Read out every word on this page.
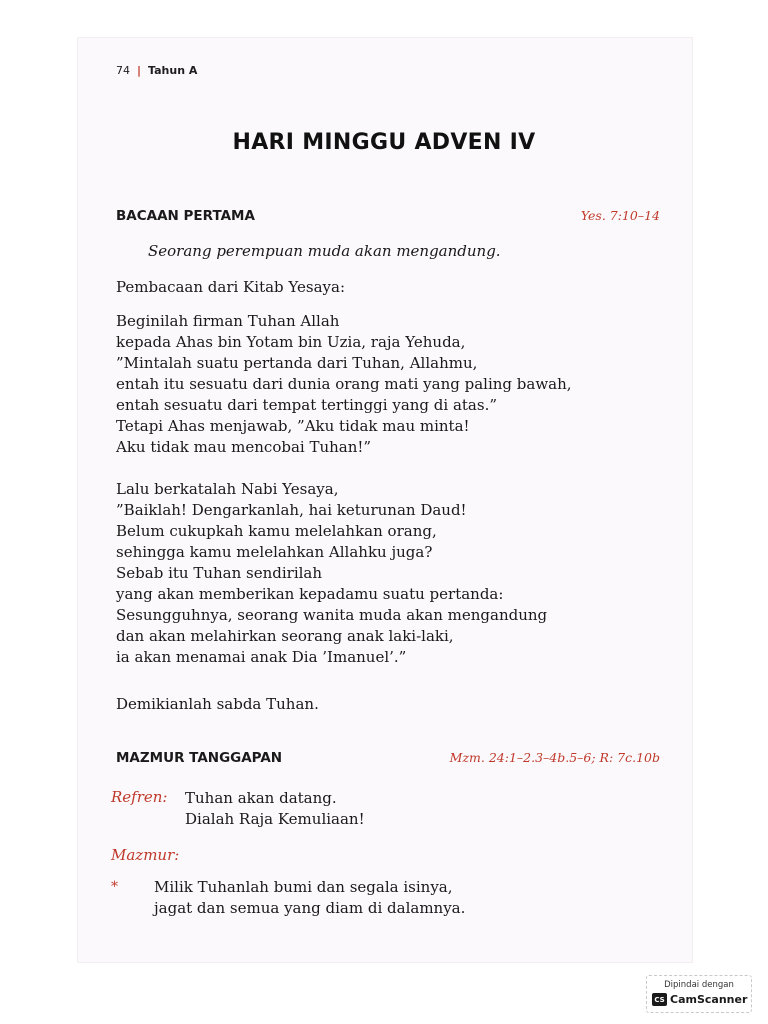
74 | Tahun A
HARI MINGGU ADVEN IV
BACAAN PERTAMA	Yes. 7:10–14
Seorang perempuan muda akan mengandung.
Pembacaan dari Kitab Yesaya:
Beginilah firman Tuhan Allah
kepada Ahas bin Yotam bin Uzia, raja Yehuda,
”Mintalah suatu pertanda dari Tuhan, Allahmu,
entah itu sesuatu dari dunia orang mati yang paling bawah,
entah sesuatu dari tempat tertinggi yang di atas.”
Tetapi Ahas menjawab, ”Aku tidak mau minta!
Aku tidak mau mencobai Tuhan!”
Lalu berkatalah Nabi Yesaya,
”Baiklah! Dengarkanlah, hai keturunan Daud!
Belum cukupkah kamu melelahkan orang,
sehingga kamu melelahkan Allahku juga?
Sebab itu Tuhan sendirilah
yang akan memberikan kepadamu suatu pertanda:
Sesungguhnya, seorang wanita muda akan mengandung
dan akan melahirkan seorang anak laki-laki,
ia akan menamai anak Dia ’Imanuel’.”
Demikianlah sabda Tuhan.
MAZMUR TANGGAPAN	Mzm. 24:1–2.3–4b.5–6; R: 7c.10b
Refren:	Tuhan akan datang.
Dialah Raja Kemuliaan!
Mazmur:
*	Milik Tuhanlah bumi dan segala isinya,
jagat dan semua yang diam di dalamnya.
Dipindai dengan
CS CamScanner
